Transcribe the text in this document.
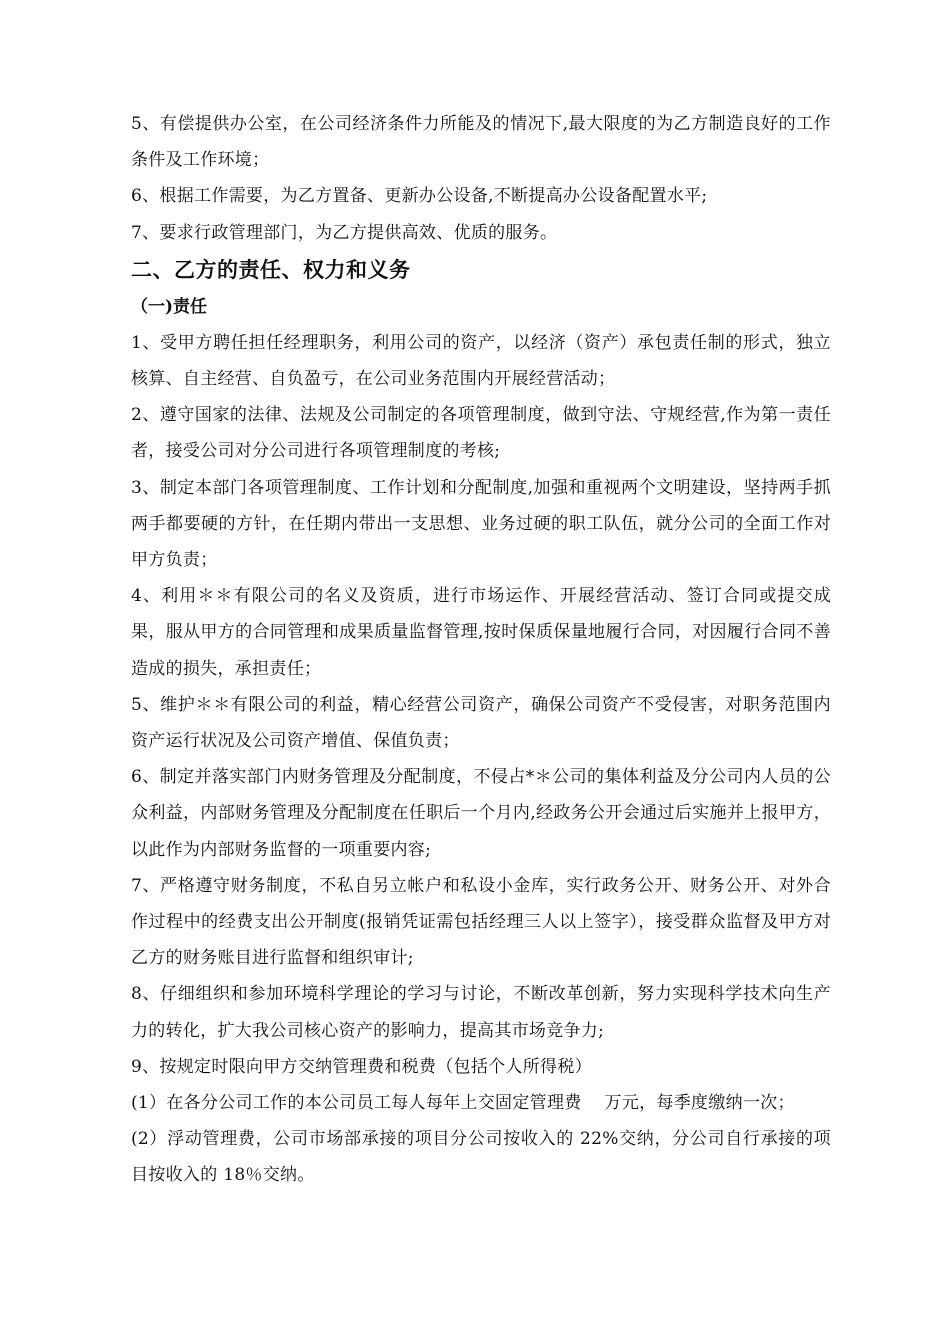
5、有偿提供办公室，在公司经济条件力所能及的情况下,最大限度的为乙方制造良好的工作条件及工作环境；

6、根据工作需要，为乙方置备、更新办公设备,不断提高办公设备配置水平;

7、要求行政管理部门，为乙方提供高效、优质的服务。

二、乙方的责任、权力和义务

（一)责任

1、受甲方聘任担任经理职务，利用公司的资产，以经济（资产）承包责任制的形式，独立核算、自主经营、自负盈亏，在公司业务范围内开展经营活动；

2、遵守国家的法律、法规及公司制定的各项管理制度，做到守法、守规经营,作为第一责任者，接受公司对分公司进行各项管理制度的考核;

3、制定本部门各项管理制度、工作计划和分配制度,加强和重视两个文明建设，坚持两手抓两手都要硬的方针，在任期内带出一支思想、业务过硬的职工队伍，就分公司的全面工作对甲方负责；

4、利用＊＊有限公司的名义及资质，进行市场运作、开展经营活动、签订合同或提交成果，服从甲方的合同管理和成果质量监督管理,按时保质保量地履行合同，对因履行合同不善造成的损失，承担责任；

5、维护＊＊有限公司的利益，精心经营公司资产，确保公司资产不受侵害，对职务范围内资产运行状况及公司资产增值、保值负责；

6、制定并落实部门内财务管理及分配制度，不侵占*＊公司的集体利益及分公司内人员的公众利益，内部财务管理及分配制度在任职后一个月内,经政务公开会通过后实施并上报甲方，以此作为内部财务监督的一项重要内容;

7、严格遵守财务制度，不私自另立帐户和私设小金库，实行政务公开、财务公开、对外合作过程中的经费支出公开制度(报销凭证需包括经理三人以上签字），接受群众监督及甲方对乙方的财务账目进行监督和组织审计;

8、仔细组织和参加环境科学理论的学习与讨论，不断改革创新，努力实现科学技术向生产力的转化，扩大我公司核心资产的影响力，提高其市场竞争力;

9、按规定时限向甲方交纳管理费和税费（包括个人所得税）

(1）在各分公司工作的本公司员工每人每年上交固定管理费　 万元，每季度缴纳一次；

(2）浮动管理费，公司市场部承接的项目分公司按收入的 22%交纳，分公司自行承接的项目按收入的 18％交纳。
